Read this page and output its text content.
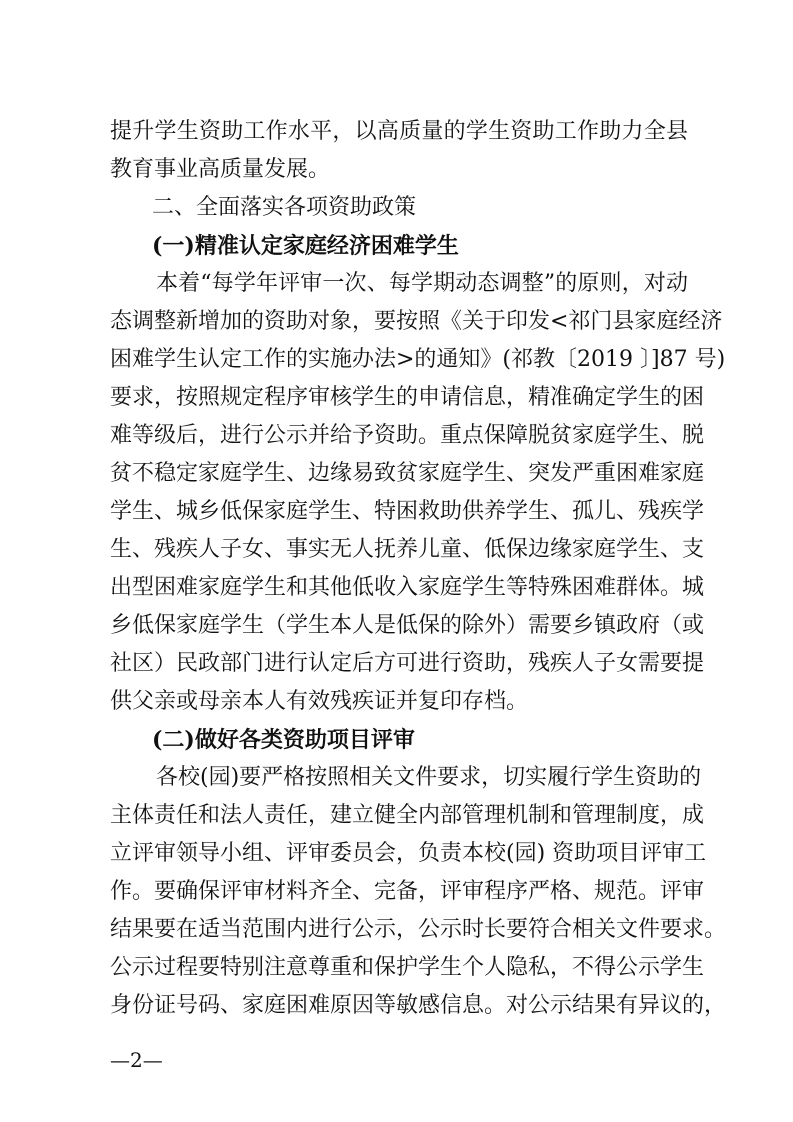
提升学生资助工作水平，以高质量的学生资助工作助力全县
教育事业高质量发展。
二、全面落实各项资助政策
(一)精准认定家庭经济困难学生
本着“每学年评审一次、每学期动态调整”的原则，对动
态调整新增加的资助对象，要按照《关于印发<祁门县家庭经济
困难学生认定工作的实施办法>的通知》(祁教〔2019 〕]87 号)
要求，按照规定程序审核学生的申请信息，精准确定学生的困
难等级后，进行公示并给予资助。重点保障脱贫家庭学生、脱
贫不稳定家庭学生、边缘易致贫家庭学生、突发严重困难家庭
学生、城乡低保家庭学生、特困救助供养学生、孤儿、残疾学
生、残疾人子女、事实无人抚养儿童、低保边缘家庭学生、支
出型困难家庭学生和其他低收入家庭学生等特殊困难群体。城
乡低保家庭学生（学生本人是低保的除外）需要乡镇政府（或
社区）民政部门进行认定后方可进行资助，残疾人子女需要提
供父亲或母亲本人有效残疾证并复印存档。
(二)做好各类资助项目评审
各校(园)要严格按照相关文件要求，切实履行学生资助的
主体责任和法人责任，建立健全内部管理机制和管理制度，成
立评审领导小组、评审委员会，负责本校(园) 资助项目评审工
作。要确保评审材料齐全、完备，评审程序严格、规范。评审
结果要在适当范围内进行公示，公示时长要符合相关文件要求。
公示过程要特别注意尊重和保护学生个人隐私，不得公示学生
身份证号码、家庭困难原因等敏感信息。对公示结果有异议的，
—2—
